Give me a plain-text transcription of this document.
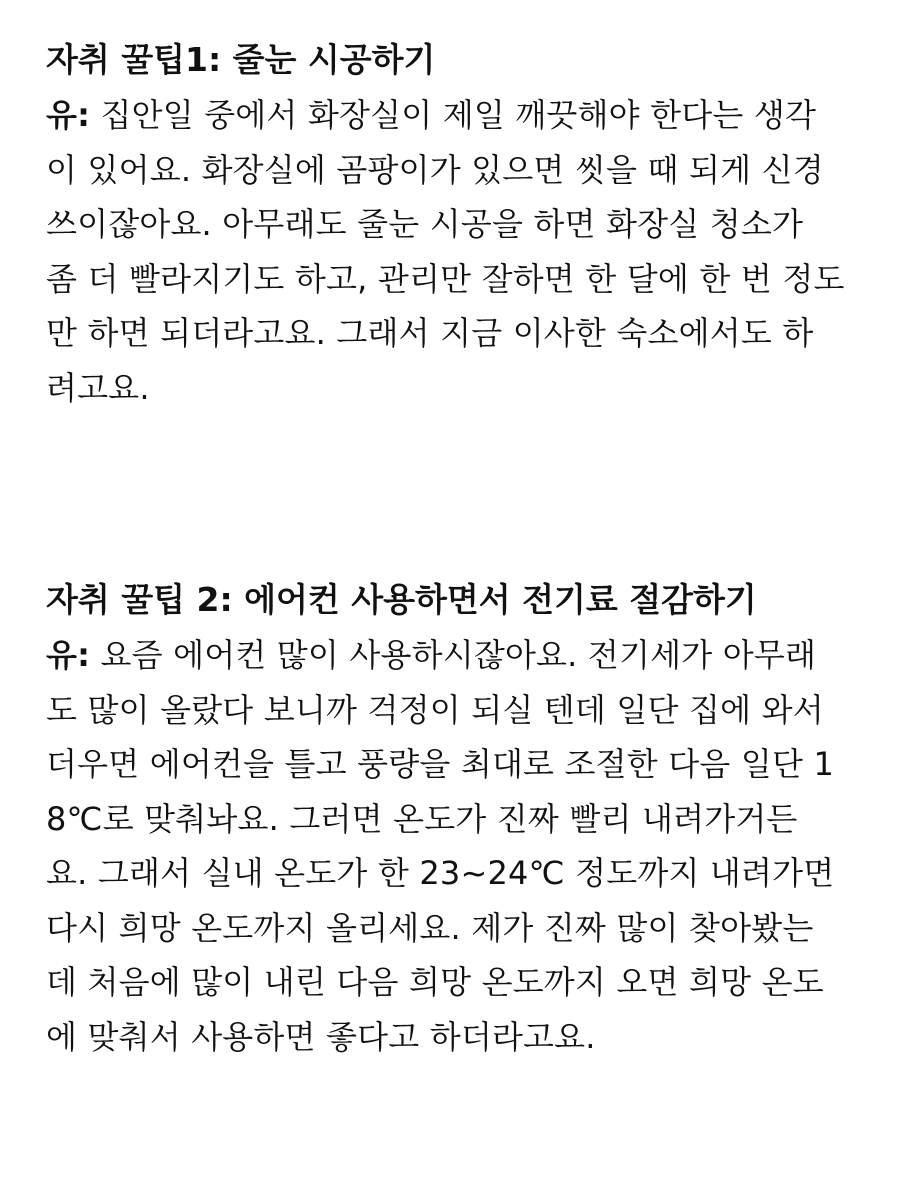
자취 꿀팁1: 줄눈 시공하기
유: 집안일 중에서 화장실이 제일 깨끗해야 한다는 생각
이 있어요. 화장실에 곰팡이가 있으면 씻을 때 되게 신경
쓰이잖아요. 아무래도 줄눈 시공을 하면 화장실 청소가
좀 더 빨라지기도 하고, 관리만 잘하면 한 달에 한 번 정도
만 하면 되더라고요. 그래서 지금 이사한 숙소에서도 하
려고요.
자취 꿀팁 2: 에어컨 사용하면서 전기료 절감하기
유: 요즘 에어컨 많이 사용하시잖아요. 전기세가 아무래
도 많이 올랐다 보니까 걱정이 되실 텐데 일단 집에 와서
더우면 에어컨을 틀고 풍량을 최대로 조절한 다음 일단 1
8℃로 맞춰놔요. 그러면 온도가 진짜 빨리 내려가거든
요. 그래서 실내 온도가 한 23~24℃ 정도까지 내려가면
다시 희망 온도까지 올리세요. 제가 진짜 많이 찾아봤는
데 처음에 많이 내린 다음 희망 온도까지 오면 희망 온도
에 맞춰서 사용하면 좋다고 하더라고요.
